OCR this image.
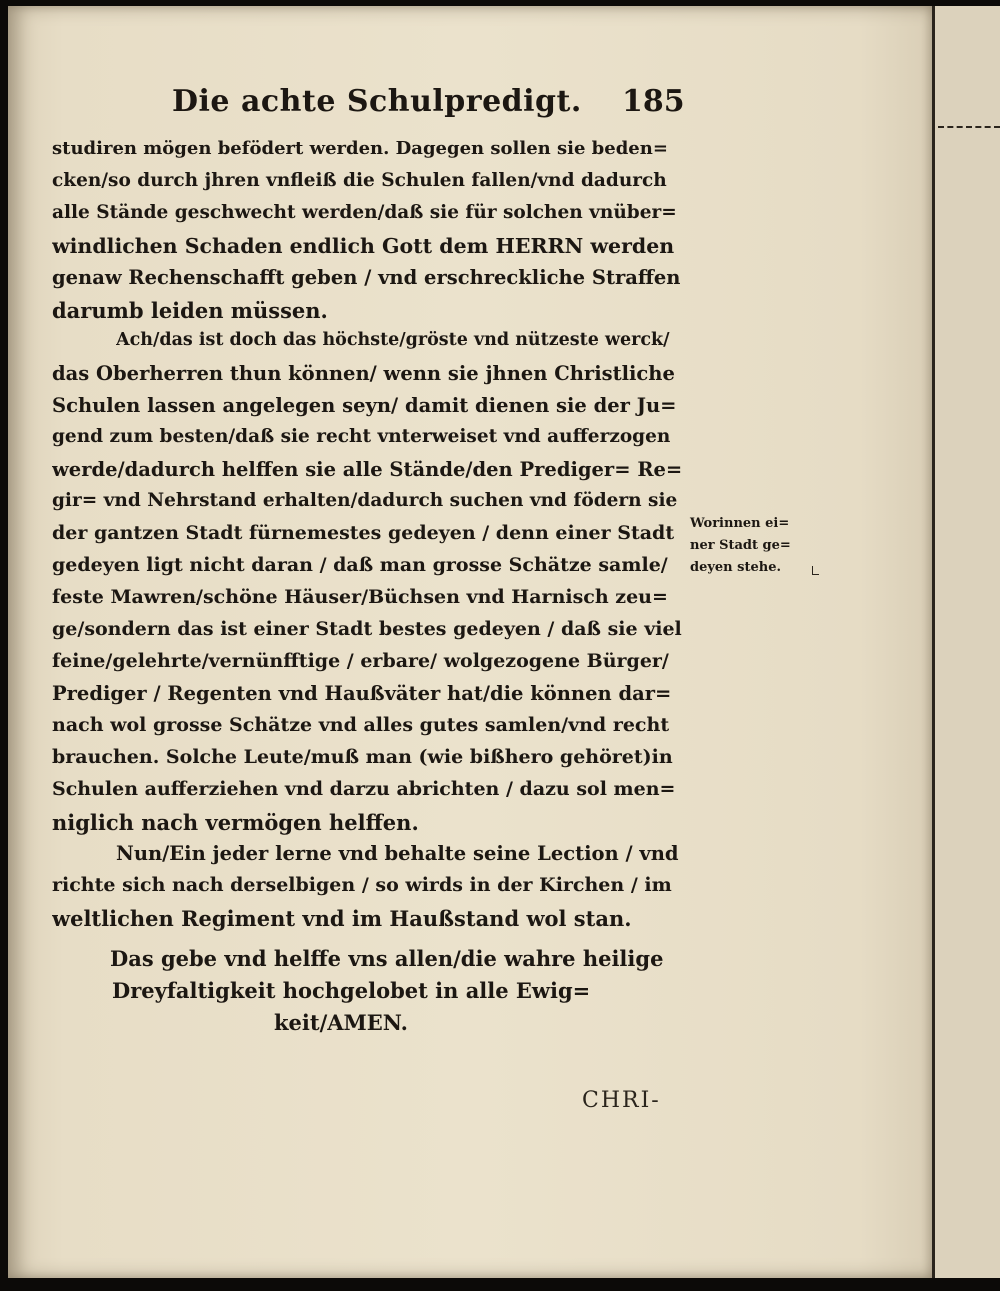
Die achte Schulpredigt. 185
studiren mögen befödert werden. Dagegen sollen sie beden=
cken/so durch jhren vnfleiß die Schulen fallen/vnd dadurch
alle Stände geschwecht werden/daß sie für solchen vnüber=
windlichen Schaden endlich Gott dem HERRN werden
genaw Rechenschafft geben / vnd erschreckliche Straffen
darumb leiden müssen.
Ach/das ist doch das höchste/gröste vnd nützeste werck/
das Oberherren thun können/ wenn sie jhnen Christliche
Schulen lassen angelegen seyn/ damit dienen sie der Ju=
gend zum besten/daß sie recht vnterweiset vnd aufferzogen
werde/dadurch helffen sie alle Stände/den Prediger= Re=
gir= vnd Nehrstand erhalten/dadurch suchen vnd födern sie
der gantzen Stadt fürnemestes gedeyen / denn einer Stadt
gedeyen ligt nicht daran / daß man grosse Schätze samle/
feste Mawren/schöne Häuser/Büchsen vnd Harnisch zeu=
ge/sondern das ist einer Stadt bestes gedeyen / daß sie viel
feine/gelehrte/vernünfftige / erbare/ wolgezogene Bürger/
Prediger / Regenten vnd Haußväter hat/die können dar=
nach wol grosse Schätze vnd alles gutes samlen/vnd recht
brauchen. Solche Leute/muß man (wie bißhero gehöret)in
Schulen aufferziehen vnd darzu abrichten / dazu sol men=
niglich nach vermögen helffen.
Nun/Ein jeder lerne vnd behalte seine Lection / vnd
richte sich nach derselbigen / so wirds in der Kirchen / im
weltlichen Regiment vnd im Haußstand wol stan.
Das gebe vnd helffe vns allen/die wahre heilige
Dreyfaltigkeit hochgelobet in alle Ewig=
keit/AMEN.
Worinnen ei=
ner Stadt ge=
deyen stehe.
CHRI-
